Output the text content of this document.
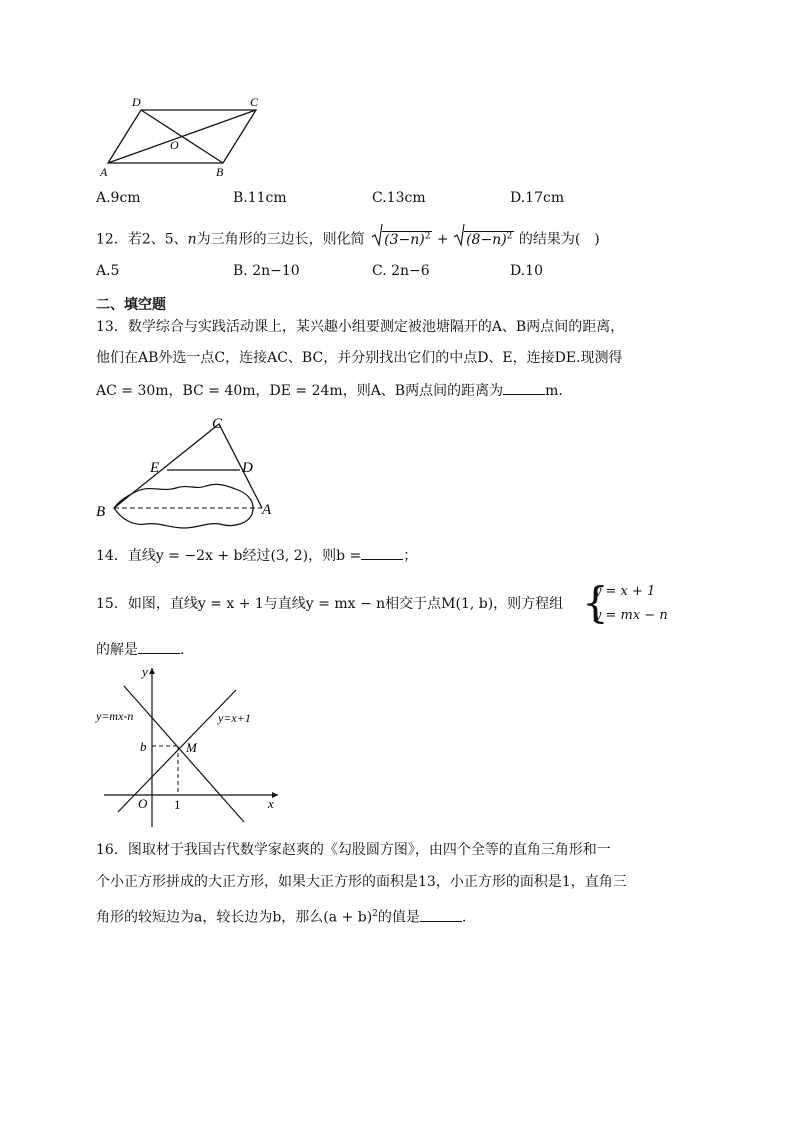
D	C
O
A	B
A.9cm	B.11cm	C.13cm	D.17cm
12．若2、5、n为三角形的三边长，则化简 $(3-n)^2 + (8-n)^2$ 的结果为(　)
A.5	B. 2n−10	C. 2n−6	D.10
二、填空题
13．数学综合与实践活动课上，某兴趣小组要测定被池塘隔开的A、B两点间的距离，
他们在AB外选一点C，连接AC、BC，并分别找出它们的中点D、E，连接DE.现测得
AC = 30m，BC = 40m，DE = 24m，则A、B两点间的距离为	m.
C
E	D
B	A
14．直线y = −2x + b经过(3, 2)，则b =	；
15．如图，直线y = x + 1与直线y = mx − n相交于点M(1, b)，则方程组 {
y = x + 1
y = mx − n
的解是	.
y
x
O 1
b	M
y=mx-n	y=x+1
16．图取材于我国古代数学家赵爽的《勾股圆方图》，由四个全等的直角三角形和一
个小正方形拼成的大正方形，如果大正方形的面积是13，小正方形的面积是1，直角三
角形的较短边为a，较长边为b，那么$(a + b)^2$的值是	.
